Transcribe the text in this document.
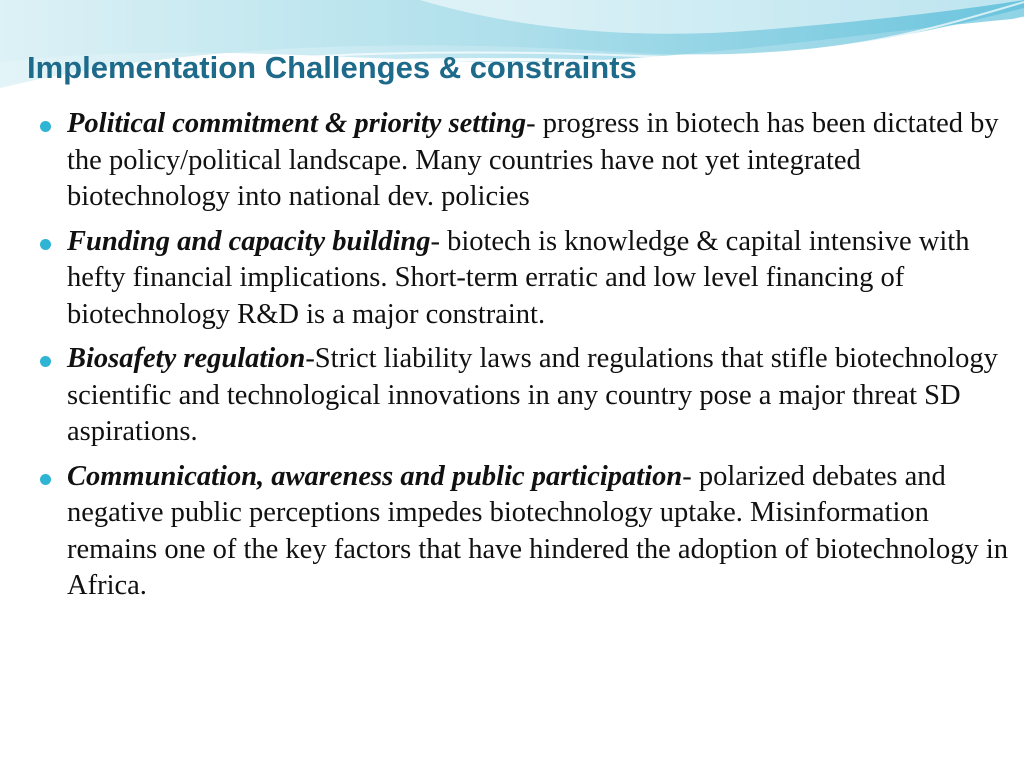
Implementation Challenges & constraints
Political commitment & priority setting- progress in biotech has been dictated by the policy/political landscape. Many countries have not yet integrated biotechnology into national dev. policies
Funding and capacity building- biotech is knowledge & capital intensive with hefty financial implications. Short-term erratic and low level financing of biotechnology R&D is a major constraint.
Biosafety regulation-Strict liability laws and regulations that stifle biotechnology scientific and technological innovations in any country pose a major threat SD aspirations.
Communication, awareness and public participation- polarized debates and negative public perceptions impedes biotechnology uptake. Misinformation remains one of the key factors that have hindered the adoption of biotechnology in Africa.
